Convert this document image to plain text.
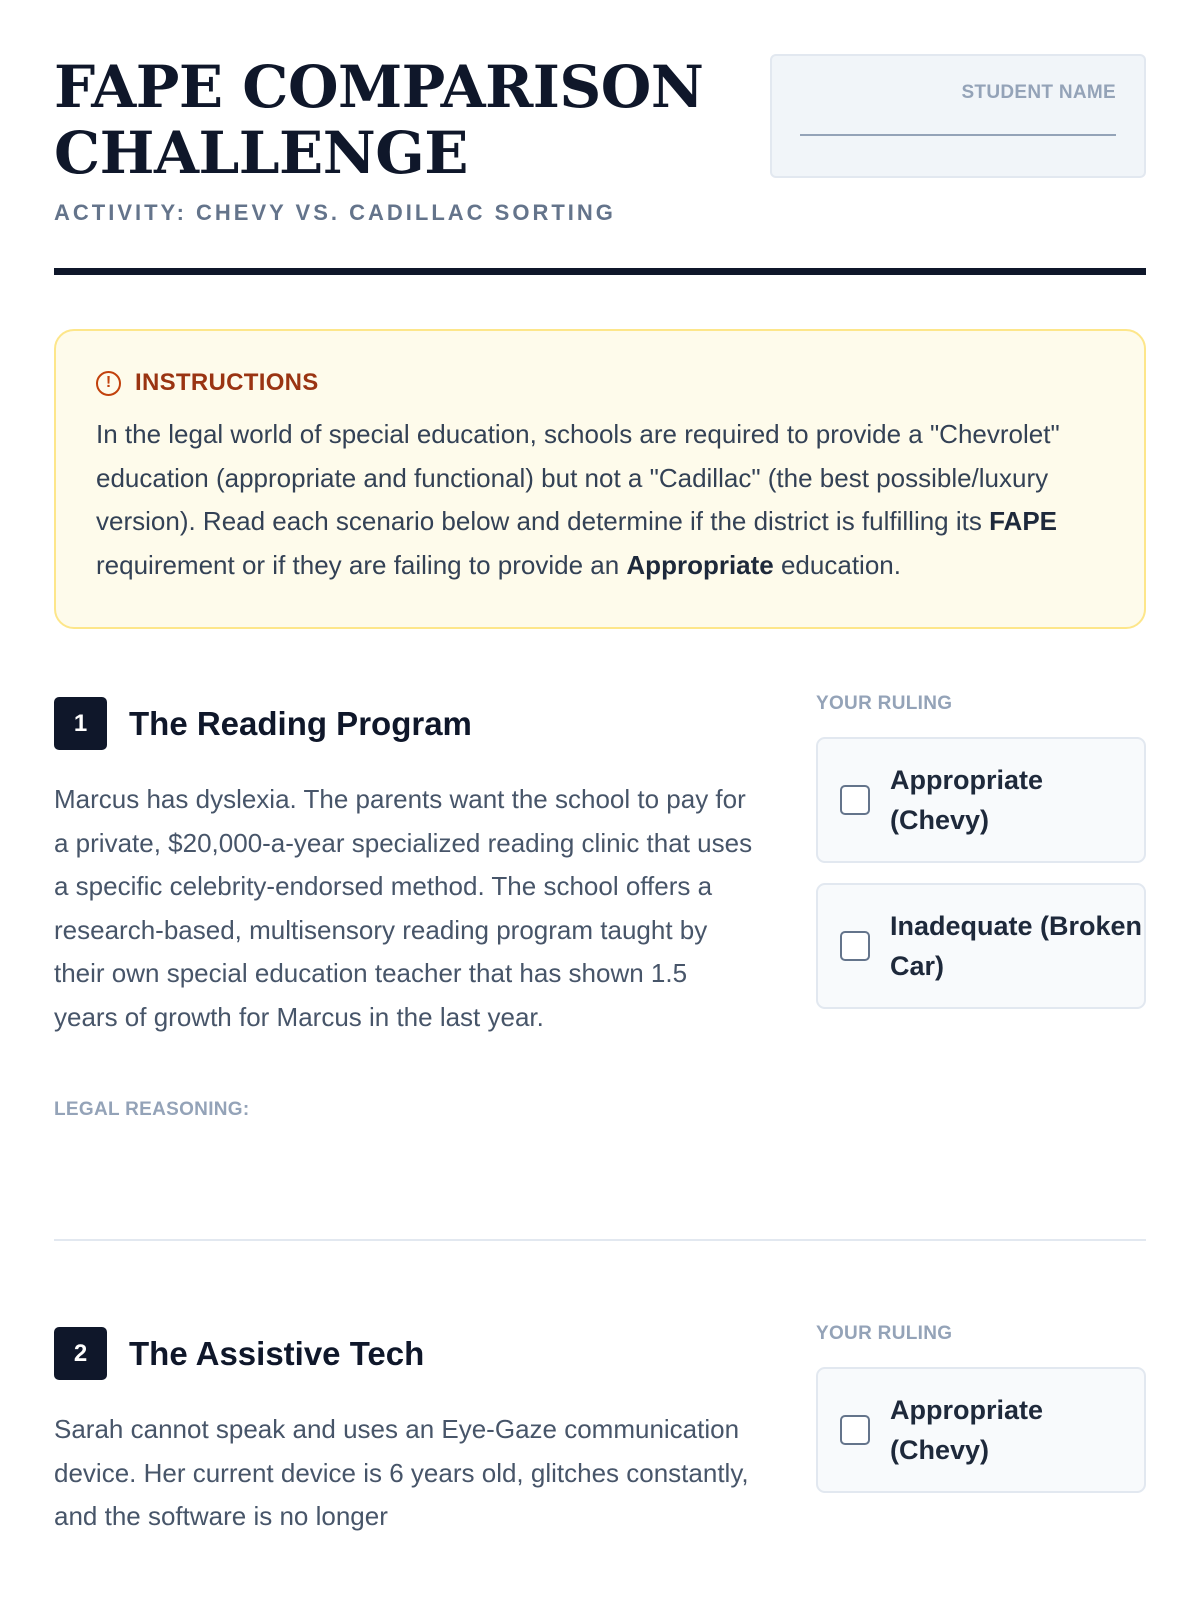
FAPE COMPARISON CHALLENGE
ACTIVITY: CHEVY VS. CADILLAC SORTING
STUDENT NAME
! INSTRUCTIONS

In the legal world of special education, schools are required to provide a "Chevrolet" education (appropriate and functional) but not a "Cadillac" (the best possible/luxury version). Read each scenario below and determine if the district is fulfilling its FAPE requirement or if they are failing to provide an Appropriate education.

1	The Reading Program

Marcus has dyslexia. The parents want the school to pay for a private, $20,000-a-year specialized reading clinic that uses a specific celebrity-endorsed method. The school offers a research-based, multisensory reading program taught by their own special education teacher that has shown 1.5 years of growth for Marcus in the last year.

LEGAL REASONING:
YOUR RULING
Appropriate (Chevy)
Inadequate (Broken Car)
2	The Assistive Tech

Sarah cannot speak and uses an Eye-Gaze communication device. Her current device is 6 years old, glitches constantly, and the software is no longer

YOUR RULING
Appropriate (Chevy)
